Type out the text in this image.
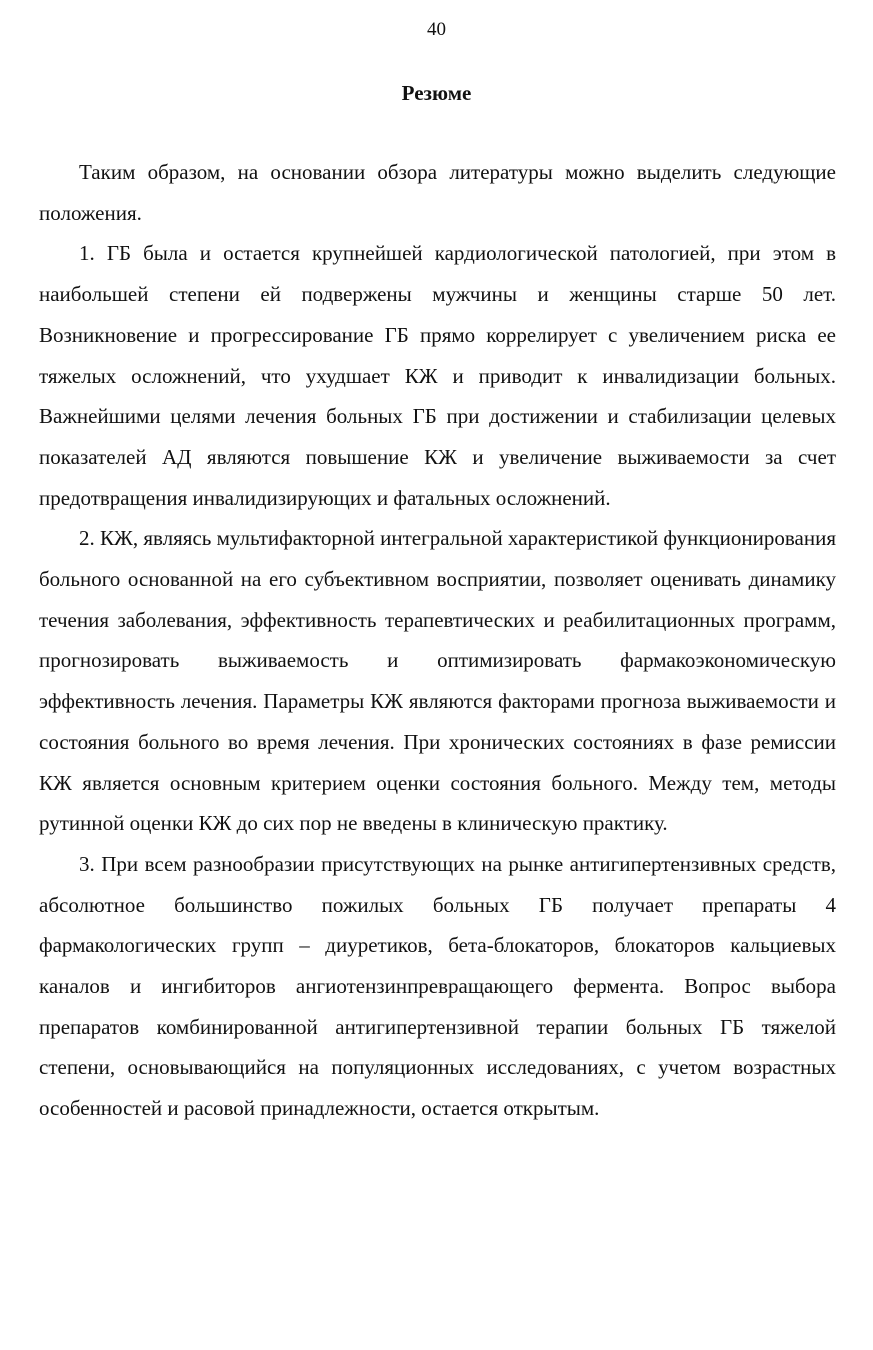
40
Резюме

Таким образом, на основании обзора литературы можно выделить следующие положения.

1. ГБ была и остается крупнейшей кардиологической патологией, при этом в наибольшей степени ей подвержены мужчины и женщины старше 50 лет. Возникновение и прогрессирование ГБ прямо коррелирует с увеличением риска ее тяжелых осложнений, что ухудшает КЖ и приводит к инвалидизации больных. Важнейшими целями лечения больных ГБ при достижении и стабилизации целевых показателей АД являются повышение КЖ и увеличение выживаемости за счет предотвращения инвалидизирующих и фатальных осложнений.

2. КЖ, являясь мультифакторной интегральной характеристикой функционирования больного основанной на его субъективном восприятии, позволяет оценивать динамику течения заболевания, эффективность терапевтических и реабилитационных программ, прогнозировать выживаемость и оптимизировать фармакоэкономическую эффективность лечения. Параметры КЖ являются факторами прогноза выживаемости и состояния больного во время лечения. При хронических состояниях в фазе ремиссии КЖ является основным критерием оценки состояния больного. Между тем, методы рутинной оценки КЖ до сих пор не введены в клиническую практику.

3. При всем разнообразии присутствующих на рынке антигипертензивных средств, абсолютное большинство пожилых больных ГБ получает препараты 4 фармакологических групп – диуретиков, бета-блокаторов, блокаторов кальциевых каналов и ингибиторов ангиотензинпревращающего фермента. Вопрос выбора препаратов комбинированной антигипертензивной терапии больных ГБ тяжелой степени, основывающийся на популяционных исследованиях, с учетом возрастных особенностей и расовой принадлежности, остается открытым.
